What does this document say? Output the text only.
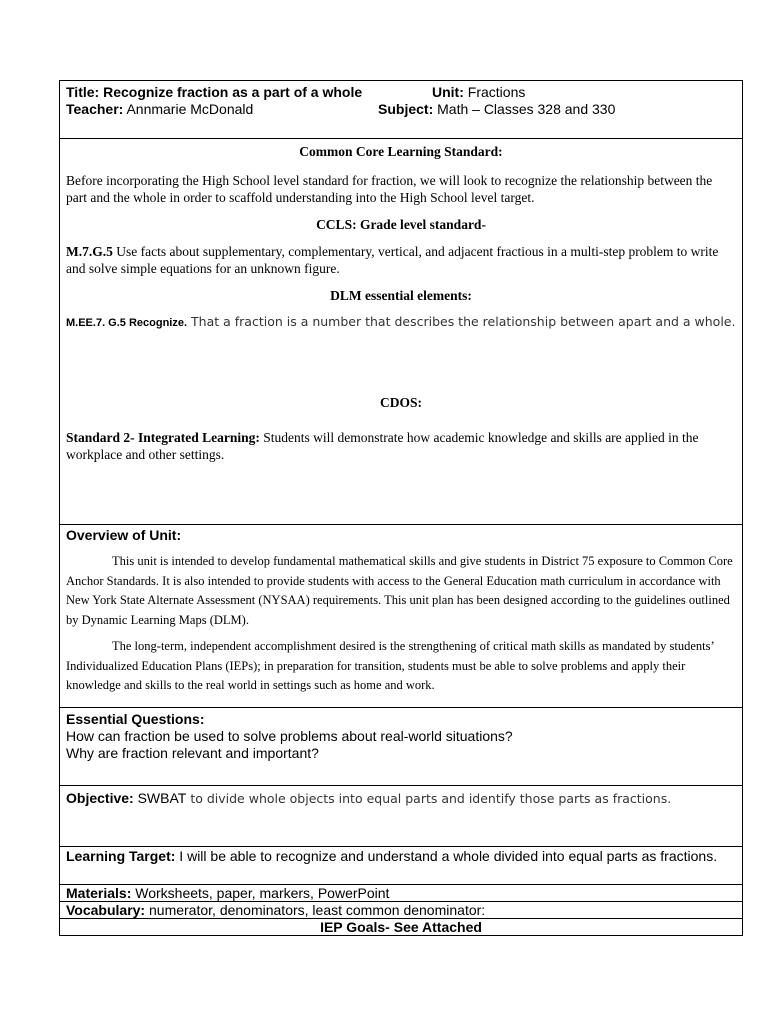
Title: Recognize fraction as a part of a whole	Unit: Fractions
Teacher: Annmarie McDonald	Subject: Math – Classes 328 and 330

Common Core Learning Standard:

Before incorporating the High School level standard for fraction, we will look to recognize the relationship between the part and the whole in order to scaffold understanding into the High School level target.

CCLS: Grade level standard-

M.7.G.5 Use facts about supplementary, complementary, vertical, and adjacent fractious in a multi-step problem to write and solve simple equations for an unknown figure.

DLM essential elements:

M.EE.7. G.5 Recognize. That a fraction is a number that describes the relationship between apart and a whole.

CDOS:

Standard 2- Integrated Learning: Students will demonstrate how academic knowledge and skills are applied in the workplace and other settings.

Overview of Unit:

This unit is intended to develop fundamental mathematical skills and give students in District 75 exposure to Common Core Anchor Standards. It is also intended to provide students with access to the General Education math curriculum in accordance with New York State Alternate Assessment (NYSAA) requirements. This unit plan has been designed according to the guidelines outlined by Dynamic Learning Maps (DLM).

The long-term, independent accomplishment desired is the strengthening of critical math skills as mandated by students’ Individualized Education Plans (IEPs); in preparation for transition, students must be able to solve problems and apply their knowledge and skills to the real world in settings such as home and work.

Essential Questions:
How can fraction be used to solve problems about real-world situations?
Why are fraction relevant and important?

Objective: SWBAT to divide whole objects into equal parts and identify those parts as fractions.

Learning Target: I will be able to recognize and understand a whole divided into equal parts as fractions.
Materials: Worksheets, paper, markers, PowerPoint
Vocabulary: numerator, denominators, least common denominator:
IEP Goals- See Attached
